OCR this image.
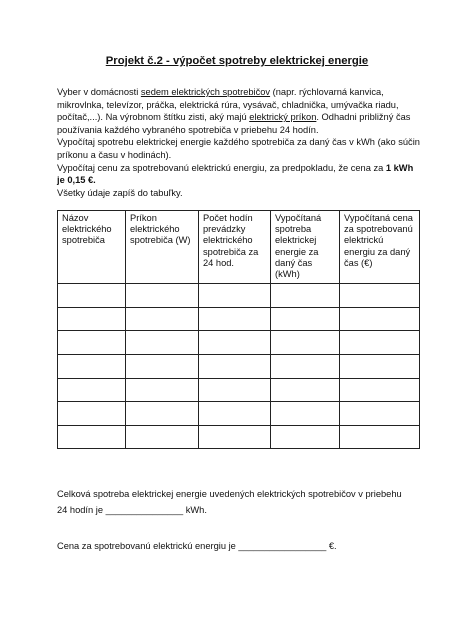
Projekt č.2 - výpočet spotreby elektrickej energie
Vyber v domácnosti sedem elektrických spotrebičov (napr. rýchlovarná kanvica, mikrovlnka, televízor, práčka, elektrická rúra, vysávač, chladnička, umývačka riadu, počítač,...). Na výrobnom štítku zisti, aký majú elektrický príkon. Odhadni približný čas používania každého vybraného spotrebiča v priebehu 24 hodín.
Vypočítaj spotrebu elektrickej energie každého spotrebiča za daný čas v kWh (ako súčin príkonu a času v hodinách).
Vypočítaj cenu za spotrebovanú elektrickú energiu, za predpokladu, že cena za 1 kWh je 0,15 €.
Všetky údaje zapíš do tabuľky.
Názov elektrického spotrebiča	Príkon elektrického spotrebiča (W)	Počet hodín prevádzky elektrického spotrebiča za 24 hod.	Vypočítaná spotreba elektrickej energie za daný čas (kWh)	Vypočítaná cena za spotrebovanú elektrickú energiu za daný čas (€)

Celková spotreba elektrickej energie uvedených elektrických spotrebičov v priebehu
24 hodín je _______________ kWh.
Cena za spotrebovanú elektrickú energiu je _________________ €.
